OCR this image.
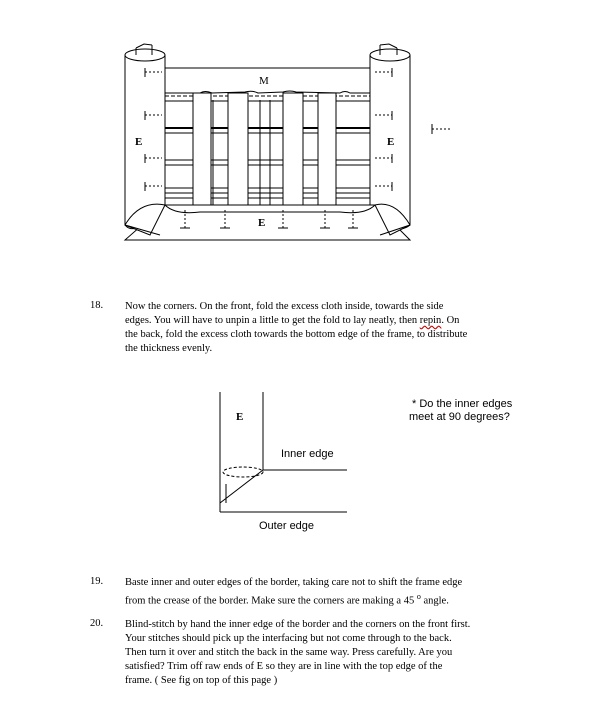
M
E	E
E
18. Now the corners. On the front, fold the excess cloth inside, towards the side
edges. You will have to unpin a little to get the fold to lay neatly, then repin. On
the back, fold the excess cloth towards the bottom edge of the frame, to distribute
the thickness evenly.
E
Inner edge
Outer edge
* Do the inner edges
meet at 90 degrees?
19. Baste inner and outer edges of the border, taking care not to shift the frame edge
from the crease of the border. Make sure the corners are making a 45 $^o$ angle.
20. Blind-stitch by hand the inner edge of the border and the corners on the front first.
Your stitches should pick up the interfacing but not come through to the back.
Then turn it over and stitch the back in the same way. Press carefully. Are you
satisfied? Trim off raw ends of E so they are in line with the top edge of the
frame. ( See fig on top of this page )
